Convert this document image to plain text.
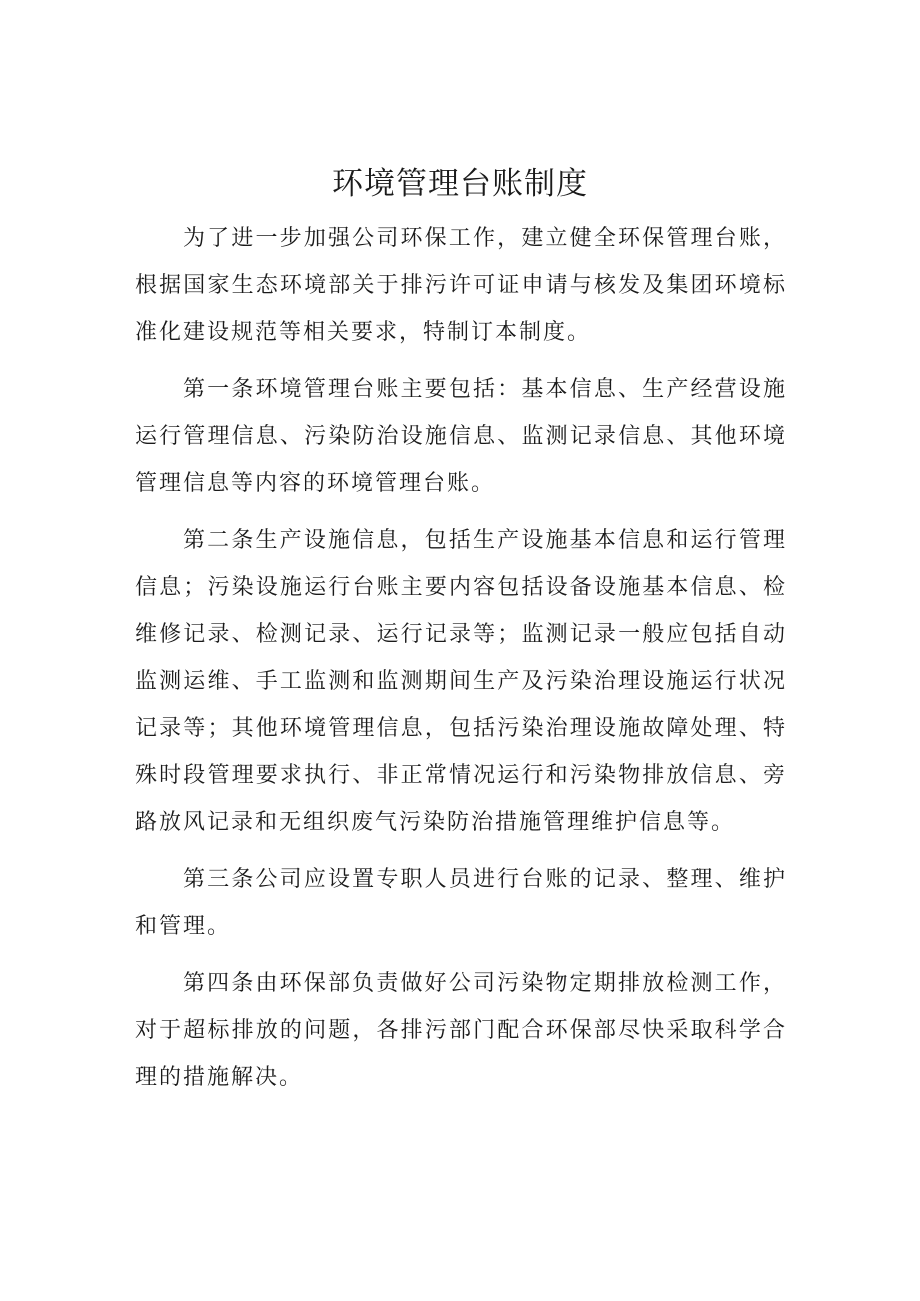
环境管理台账制度

为了进一步加强公司环保工作，建立健全环保管理台账，根据国家生态环境部关于排污许可证申请与核发及集团环境标准化建设规范等相关要求，特制订本制度。

第一条环境管理台账主要包括：基本信息、生产经营设施运行管理信息、污染防治设施信息、监测记录信息、其他环境管理信息等内容的环境管理台账。

第二条生产设施信息，包括生产设施基本信息和运行管理信息；污染设施运行台账主要内容包括设备设施基本信息、检维修记录、检测记录、运行记录等；监测记录一般应包括自动监测运维、手工监测和监测期间生产及污染治理设施运行状况记录等；其他环境管理信息，包括污染治理设施故障处理、特殊时段管理要求执行、非正常情况运行和污染物排放信息、旁路放风记录和无组织废气污染防治措施管理维护信息等。

第三条公司应设置专职人员进行台账的记录、整理、维护和管理。

第四条由环保部负责做好公司污染物定期排放检测工作，对于超标排放的问题，各排污部门配合环保部尽快采取科学合理的措施解决。
